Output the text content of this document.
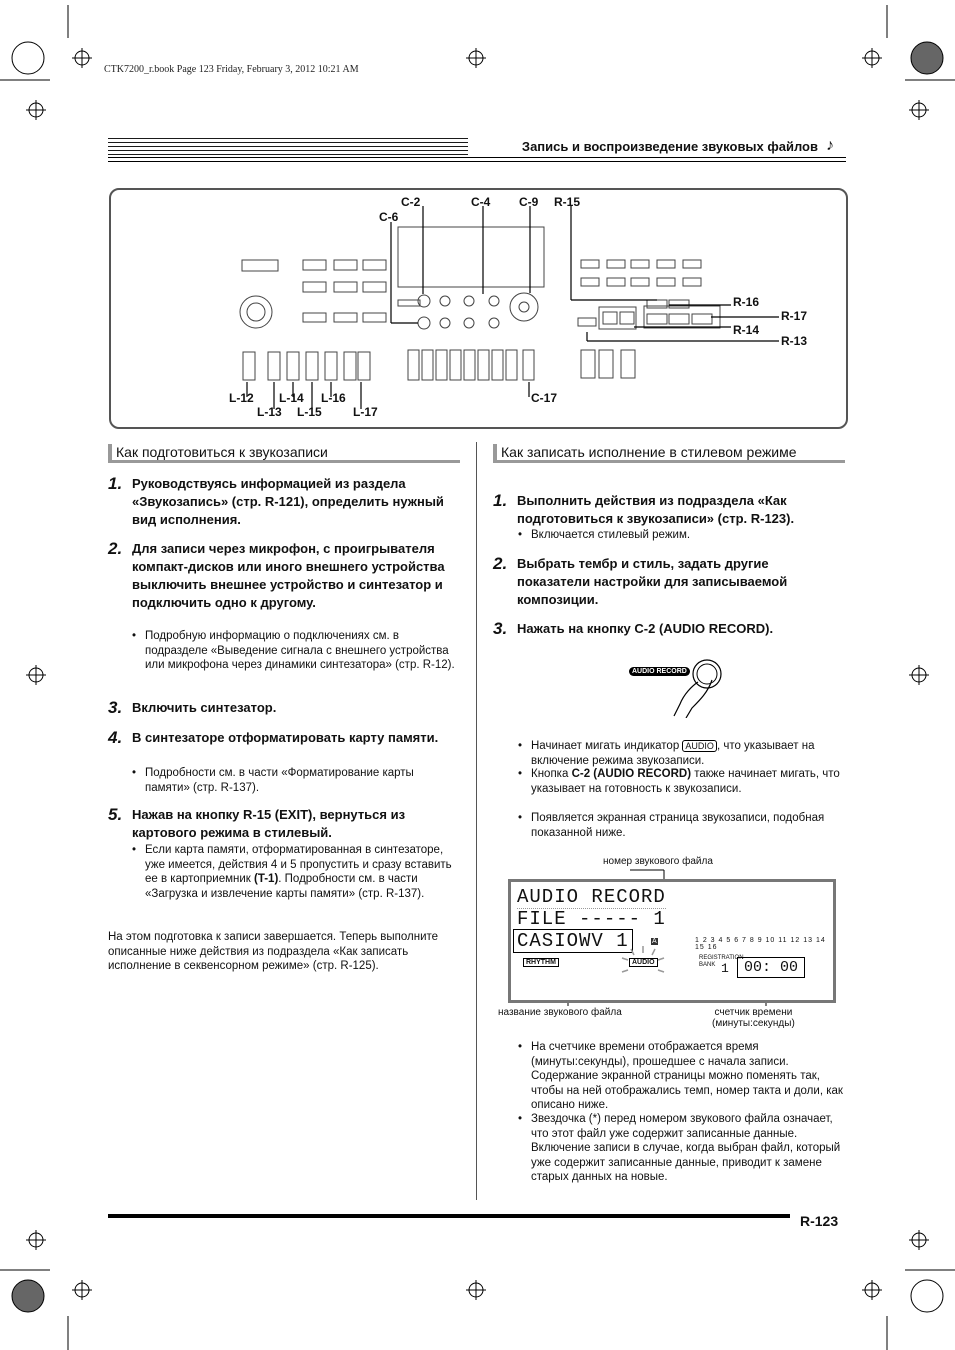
CTK7200_r.book Page 123 Friday, February 3, 2012 10:21 AM
Запись и воспроизведение звуковых файлов ♪
C-2	C-4 C-9 R-15
C-6
R-16
R-17
R-14
R-13
L-12 L-14 L-16
L-13 L-15	L-17
C-17
Как подготовиться к звукозаписи
1. Руководствуясь информацией из раздела «Звукозапись» (стр. R-121), определить нужный вид исполнения.
2. Для записи через микрофон, с проигрывателя компакт-дисков или иного внешнего устройства выключить внешнее устройство и синтезатор и подключить одно к другому.
• Подробную информацию о подключениях см. в подразделе «Выведение сигнала с внешнего устройства или микрофона через динамики синтезатора» (стр. R-12).
3. Включить синтезатор.
4. В синтезаторе отформатировать карту памяти.
• Подробности см. в части «Форматирование карты памяти» (стр. R-137).
5. Нажав на кнопку R-15 (EXIT), вернуться из картового режима в стилевый.
• Если карта памяти, отформатированная в синтезаторе, уже имеется, действия 4 и 5 пропустить и сразу вставить ее в картоприемник (T-1). Подробности см. в части «Загрузка и извлечение карты памяти» (стр. R-137).
На этом подготовка к записи завершается. Теперь выполните описанные ниже действия из подраздела «Как записать исполнение в секвенсорном режиме» (стр. R-125).
Как записать исполнение в стилевом режиме
1. Выполнить действия из подраздела «Как подготовиться к звукозаписи» (стр. R-123).
• Включается стилевый режим.
2. Выбрать тембр и стиль, задать другие показатели настройки для записываемой композиции.
3. Нажать на кнопку C-2 (AUDIO RECORD).
AUDIO RECORD
• Начинает мигать индикатор AUDIO , что указывает на включение режима звукозаписи.
• Кнопка C-2 (AUDIO RECORD) также начинает мигать, что указывает на готовность к звукозаписи.
• Появляется экранная страница звукозаписи, подобная показанной ниже.
номер звукового файла
AUDIO RECORD
FILE ----- 1
CASIOWV 1	A	1 2 3 4 5 6 7 8 9 10 11 12 13 14 15 16
RHYTHM	AUDIO
REGISTRATION
BANK 1	00: 00
название звукового файла	счетчик времени
(минуты:секунды)
• На счетчике времени отображается время (минуты:секунды), прошедшее с начала записи. Содержание экранной страницы можно поменять так, чтобы на ней отображались темп, номер такта и доли, как описано ниже.
• Звездочка (*) перед номером звукового файла означает, что этот файл уже содержит записанные данные. Включение записи в случае, когда выбран файл, который уже содержит записанные данные, приводит к замене старых данных на новые.
R-123
